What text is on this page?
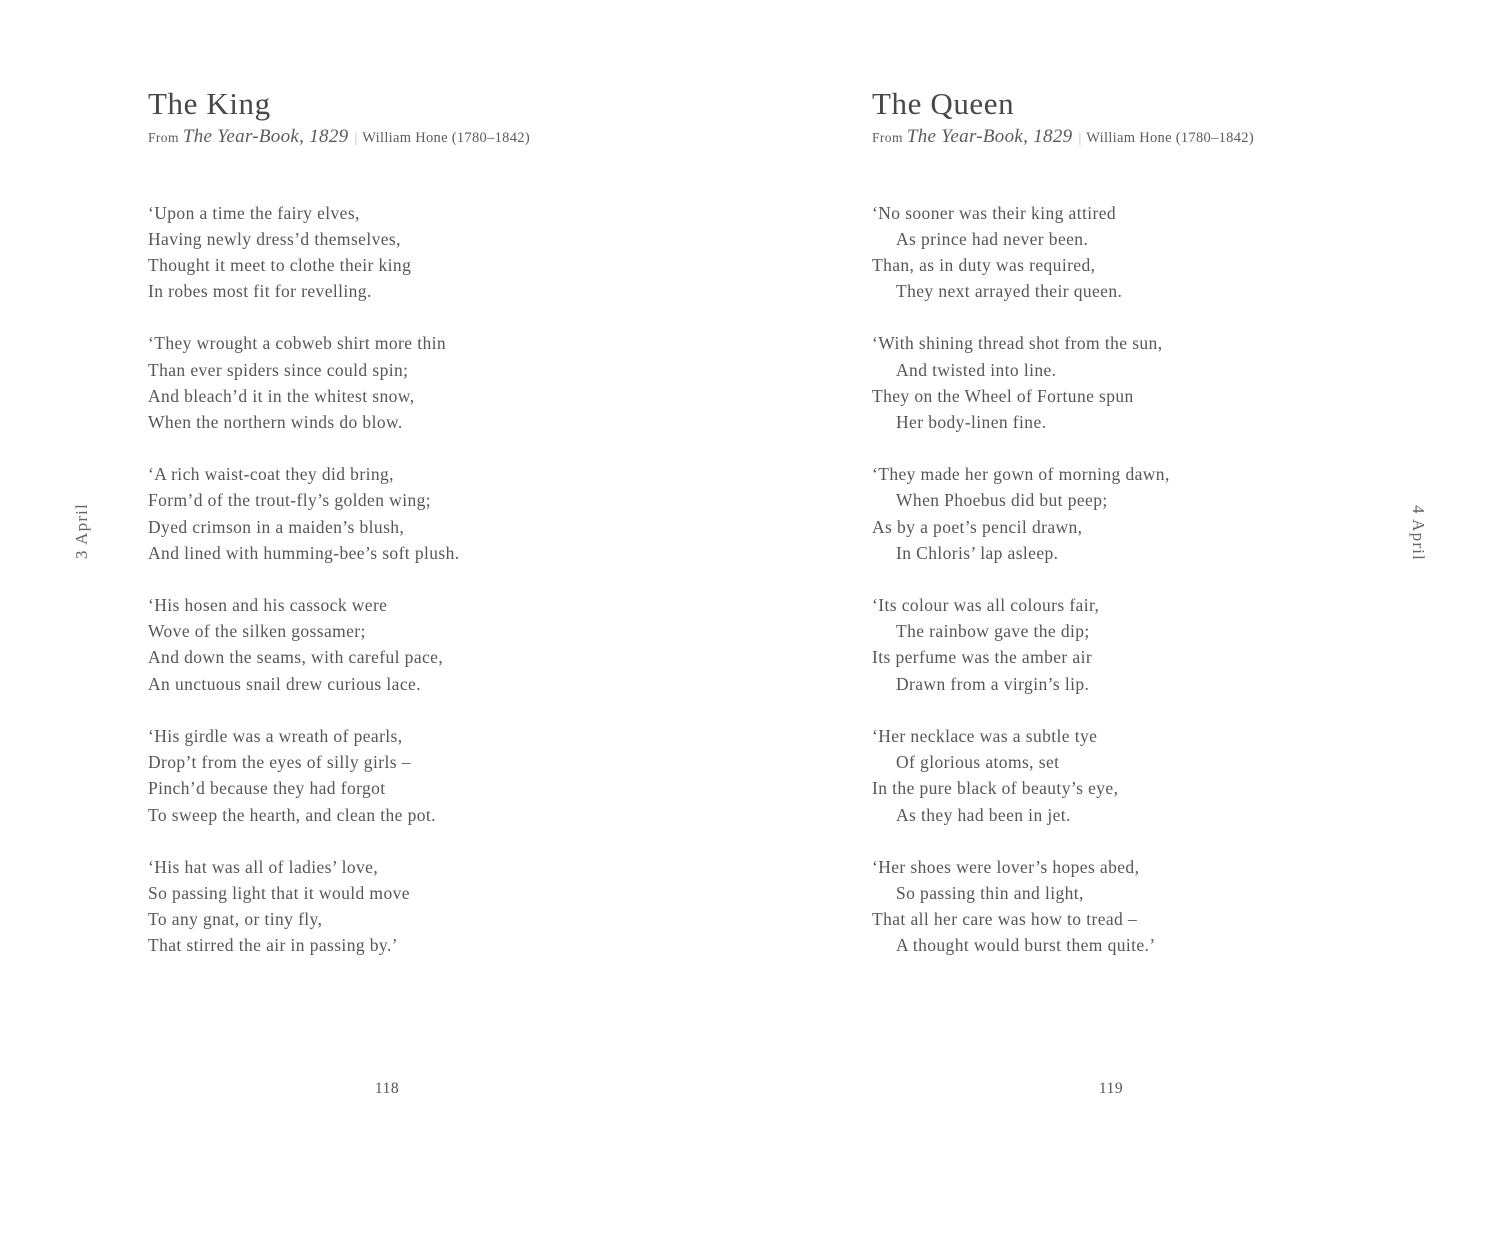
3 April	4 April
The King

From The Year-Book, 1829 | William Hone (1780–1842)

‘Upon a time the fairy elves,

Having newly dress’d themselves,

Thought it meet to clothe their king

In robes most fit for revelling.

‘They wrought a cobweb shirt more thin

Than ever spiders since could spin;

And bleach’d it in the whitest snow,

When the northern winds do blow.

‘A rich waist-coat they did bring,

Form’d of the trout-fly’s golden wing;

Dyed crimson in a maiden’s blush,

And lined with humming-bee’s soft plush.

‘His hosen and his cassock were

Wove of the silken gossamer;

And down the seams, with careful pace,

An unctuous snail drew curious lace.

‘His girdle was a wreath of pearls,

Drop’t from the eyes of silly girls –

Pinch’d because they had forgot

To sweep the hearth, and clean the pot.

‘His hat was all of ladies’ love,

So passing light that it would move

To any gnat, or tiny fly,

That stirred the air in passing by.’

118
The Queen

From The Year-Book, 1829 | William Hone (1780–1842)

‘No sooner was their king attired

As prince had never been.

Than, as in duty was required,

They next arrayed their queen.

‘With shining thread shot from the sun,

And twisted into line.

They on the Wheel of Fortune spun

Her body-linen fine.

‘They made her gown of morning dawn,

When Phoebus did but peep;

As by a poet’s pencil drawn,

In Chloris’ lap asleep.

‘Its colour was all colours fair,

The rainbow gave the dip;

Its perfume was the amber air

Drawn from a virgin’s lip.

‘Her necklace was a subtle tye

Of glorious atoms, set

In the pure black of beauty’s eye,

As they had been in jet.

‘Her shoes were lover’s hopes abed,

So passing thin and light,

That all her care was how to tread –

A thought would burst them quite.’

119
